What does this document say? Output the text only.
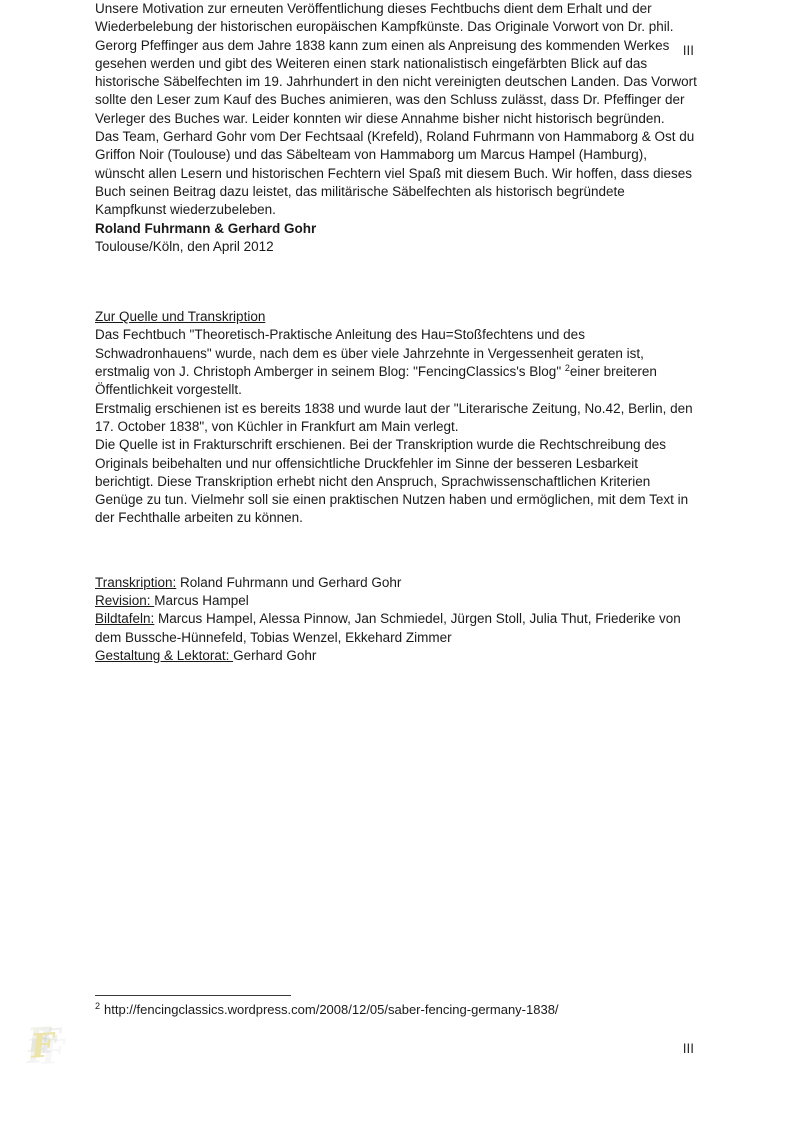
III

Unsere Motivation zur erneuten Veröffentlichung dieses Fechtbuchs dient dem Erhalt und der Wiederbelebung der historischen europäischen Kampfkünste. Das Originale Vorwort von Dr. phil. Gerorg Pfeffinger aus dem Jahre 1838 kann zum einen als Anpreisung des kommenden Werkes gesehen werden und gibt des Weiteren einen stark nationalistisch eingefärbten Blick auf das historische Säbelfechten im 19. Jahrhundert in den nicht vereinigten deutschen Landen. Das Vorwort sollte den Leser zum Kauf des Buches animieren, was den Schluss zulässt, dass Dr. Pfeffinger der Verleger des Buches war. Leider konnten wir diese Annahme bisher nicht historisch begründen.

Das Team, Gerhard Gohr vom Der Fechtsaal (Krefeld), Roland Fuhrmann von Hammaborg & Ost du Griffon Noir (Toulouse) und das Säbelteam von Hammaborg um Marcus Hampel (Hamburg), wünscht allen Lesern und historischen Fechtern viel Spaß mit diesem Buch. Wir hoffen, dass dieses Buch seinen Beitrag dazu leistet, das militärische Säbelfechten als historisch begründete Kampfkunst wiederzubeleben.

Roland Fuhrmann & Gerhard Gohr

Toulouse/Köln, den April 2012

Zur Quelle und Transkription

Das Fechtbuch "Theoretisch-Praktische Anleitung des Hau=Stoßfechtens und des Schwadronhauens" wurde, nach dem es über viele Jahrzehnte in Vergessenheit geraten ist, erstmalig von J. Christoph Amberger in seinem Blog: "FencingClassics's Blog" $^2$einer breiteren Öffentlichkeit vorgestellt.

Erstmalig erschienen ist es bereits 1838 und wurde laut der "Literarische Zeitung, No.42, Berlin, den 17. October 1838", von Küchler in Frankfurt am Main verlegt.

Die Quelle ist in Frakturschrift erschienen. Bei der Transkription wurde die Rechtschreibung des Originals beibehalten und nur offensichtliche Druckfehler im Sinne der besseren Lesbarkeit berichtigt. Diese Transkription erhebt nicht den Anspruch, Sprachwissenschaftlichen Kriterien Genüge zu tun. Vielmehr soll sie einen praktischen Nutzen haben und ermöglichen, mit dem Text in der Fechthalle arbeiten zu können.

Transkription: Roland Fuhrmann und Gerhard Gohr

Revision: Marcus Hampel

Bildtafeln: Marcus Hampel, Alessa Pinnow, Jan Schmiedel, Jürgen Stoll, Julia Thut, Friederike von dem Bussche-Hünnefeld, Tobias Wenzel, Ekkehard Zimmer

Gestaltung & Lektorat: Gerhard Gohr

$^2$ http://fencingclassics.wordpress.com/2008/12/05/saber-fencing-germany-1838/

F	III
